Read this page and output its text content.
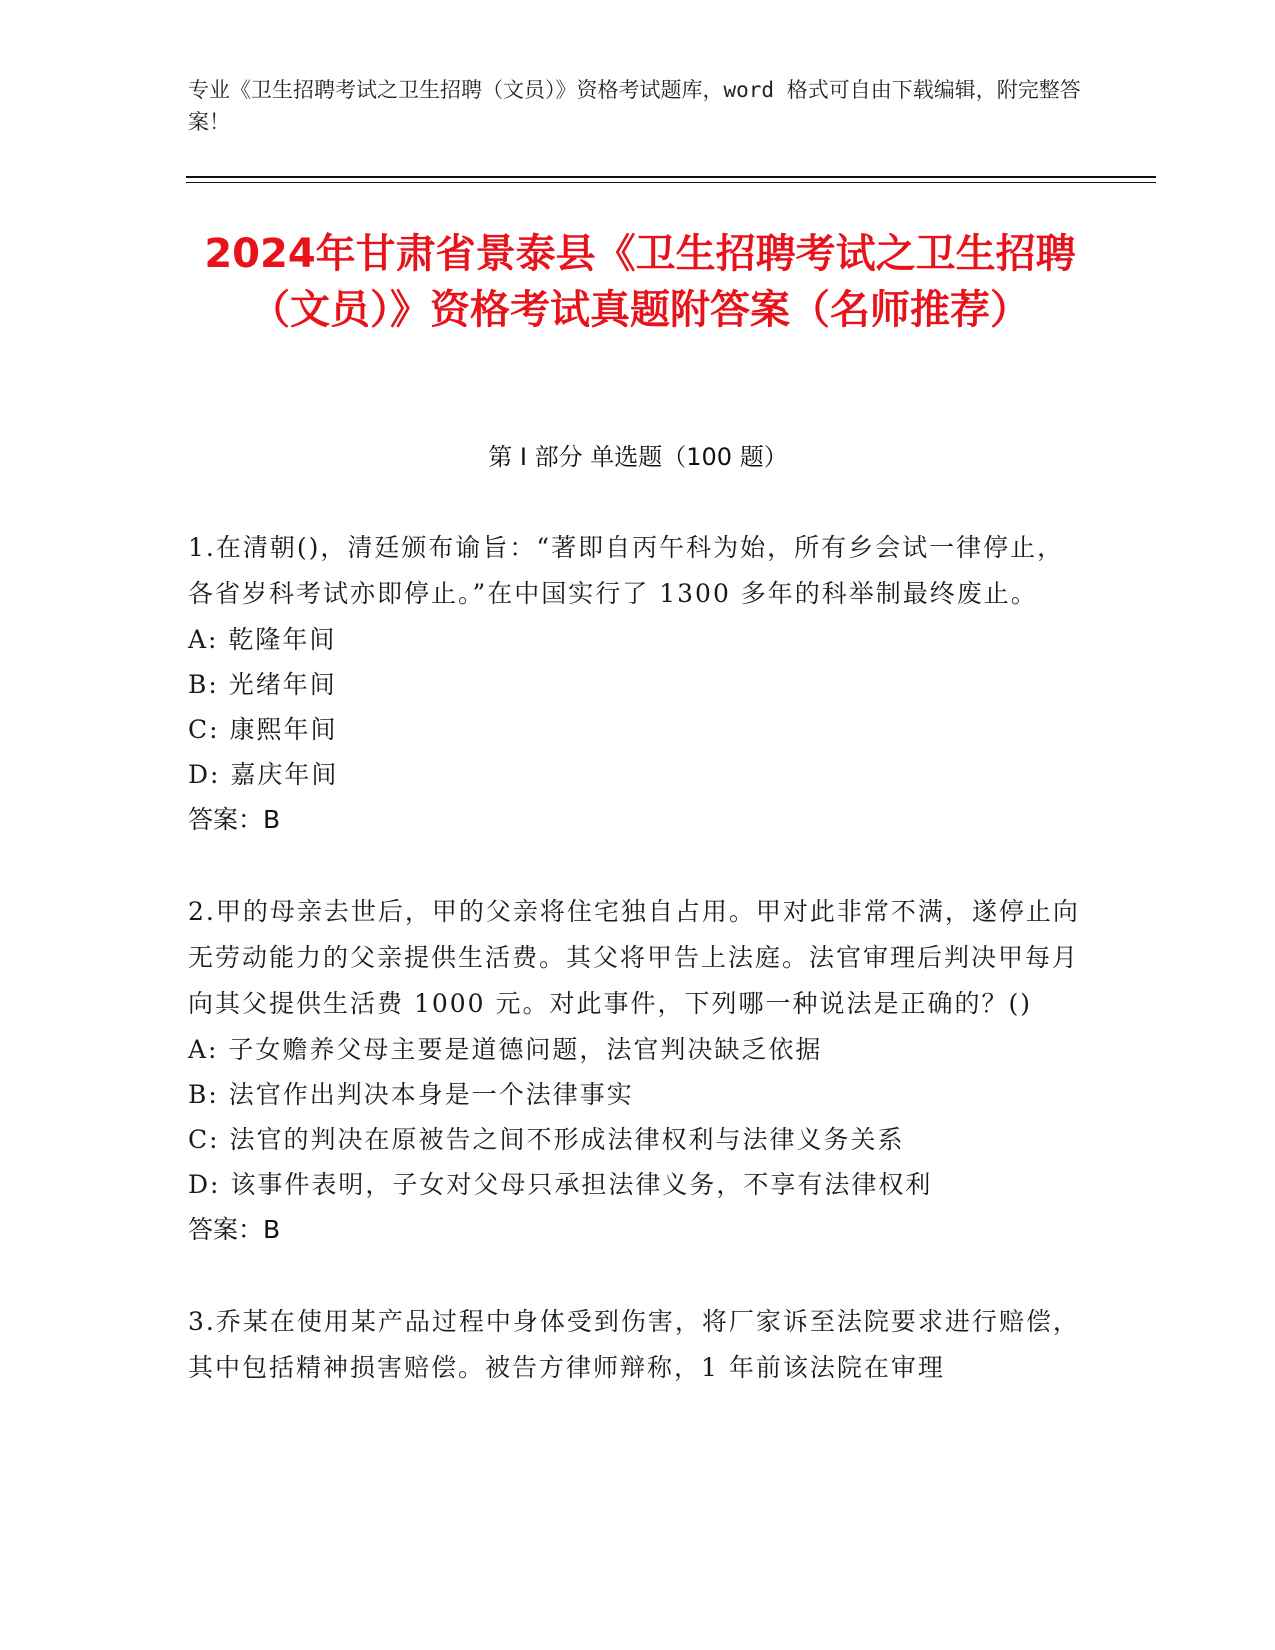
专业《卫生招聘考试之卫生招聘（文员）》资格考试题库，word 格式可自由下载编辑，附完整答案！
2024年甘肃省景泰县《卫生招聘考试之卫生招聘（文员）》资格考试真题附答案（名师推荐）
第 I 部分 单选题（100 题）

1.在清朝()，清廷颁布谕旨：“著即自丙午科为始，所有乡会试一律停止，各省岁科考试亦即停止。”在中国实行了 1300 多年的科举制最终废止。

A: 乾隆年间

B: 光绪年间

C: 康熙年间

D: 嘉庆年间

答案：B

2.甲的母亲去世后，甲的父亲将住宅独自占用。甲对此非常不满，遂停止向无劳动能力的父亲提供生活费。其父将甲告上法庭。法官审理后判决甲每月向其父提供生活费 1000 元。对此事件，下列哪一种说法是正确的？()

A: 子女赡养父母主要是道德问题，法官判决缺乏依据

B: 法官作出判决本身是一个法律事实

C: 法官的判决在原被告之间不形成法律权利与法律义务关系

D: 该事件表明，子女对父母只承担法律义务，不享有法律权利

答案：B

3.乔某在使用某产品过程中身体受到伤害，将厂家诉至法院要求进行赔偿，其中包括精神损害赔偿。被告方律师辩称，1 年前该法院在审理
